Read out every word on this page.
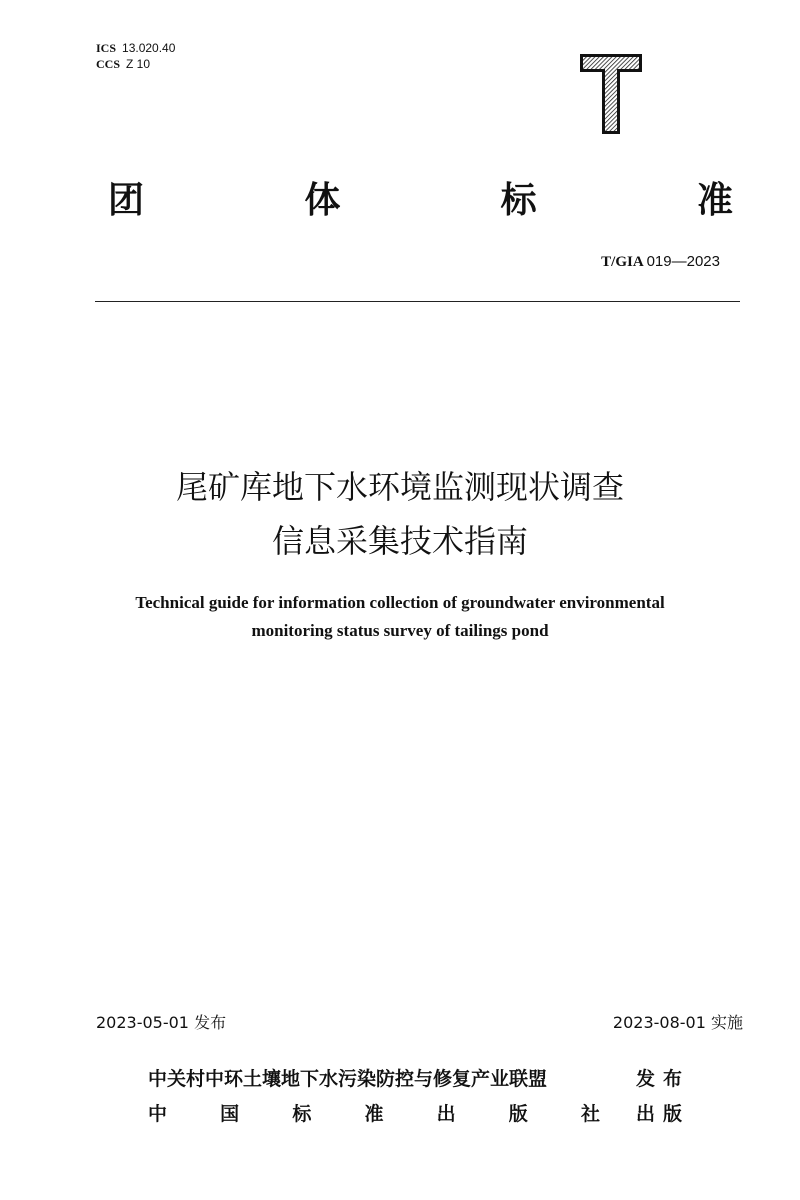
ICS 13.020.40
CCS Z 10
团	体	标	准
T/GIA 019—2023
尾矿库地下水环境监测现状调查
信息采集技术指南
Technical guide for information collection of groundwater environmental
monitoring status survey of tailings pond
2023-05-01 发布	2023-08-01 实施
中关村中环土壤地下水污染防控与修复产业联盟	发 布
中	国	标	准	出	版	社 出 版
